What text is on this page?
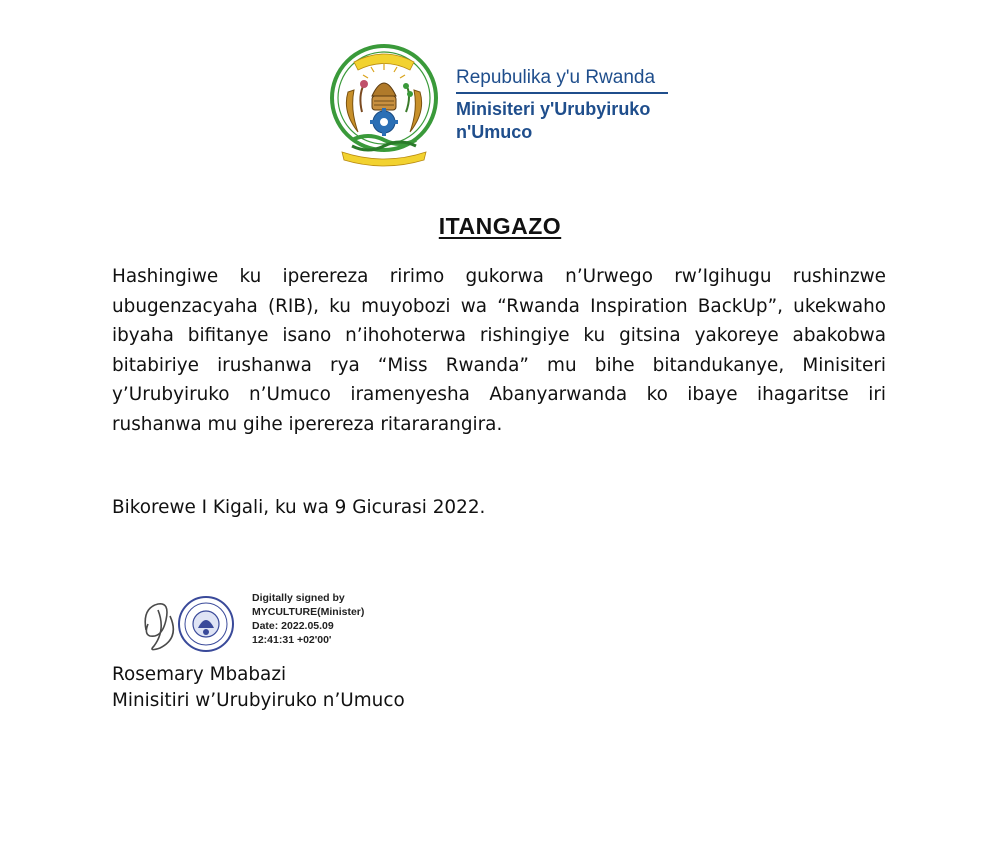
Repubulika y'u Rwanda
Minisiteri y'Urubyiruko
n'Umuco
ITANGAZO

Hashingiwe ku iperereza ririmo gukorwa n’Urwego rw’Igihugu rushinzwe ubugenzacyaha (RIB), ku muyobozi wa “Rwanda Inspiration BackUp”, ukekwaho ibyaha bifitanye isano n’ihohoterwa rishingiye ku gitsina yakoreye abakobwa bitabiriye irushanwa rya “Miss Rwanda” mu bihe bitandukanye, Minisiteri y’Urubyiruko n’Umuco iramenyesha Abanyarwanda ko ibaye ihagaritse iri rushanwa mu gihe iperereza ritararangira.

Bikorewe I Kigali, ku wa 9 Gicurasi 2022.

Digitally signed by
MYCULTURE(Minister)
Date: 2022.05.09
12:41:31 +02'00'
Rosemary Mbabazi
Minisitiri w’Urubyiruko n’Umuco
